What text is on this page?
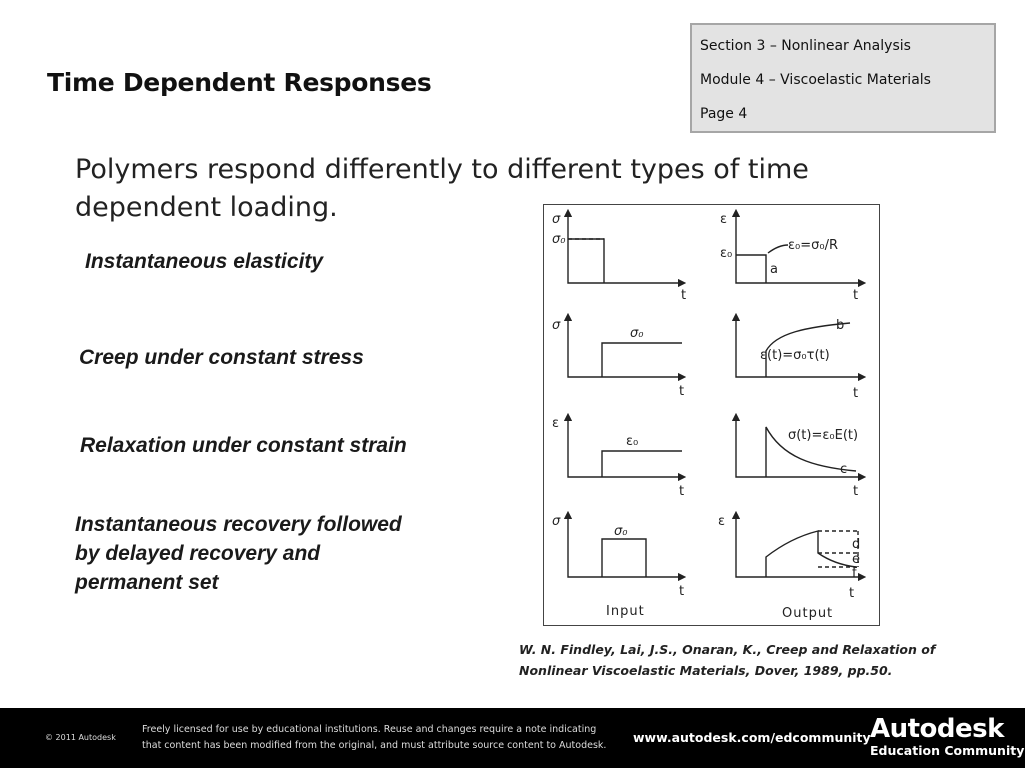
Time Dependent Responses
Section 3 – Nonlinear Analysis
Module 4 – Viscoelastic Materials
Page 4
Polymers respond differently to different types of time
dependent loading.
Instantaneous elasticity
Creep under constant stress
Relaxation under constant strain
Instantaneous recovery followed
by delayed recovery and
permanent set
σ
σ₀
t
ε
ε₀
ε₀=σ₀/R
a
t
σ
σ₀
t
b
ε(t)=σ₀τ(t)
t
ε
ε₀
t
σ(t)=ε₀E(t)
c
t
σ
σ₀
t
ε
d
e
f
t
Input	Output
W. N. Findley, Lai, J.S., Onaran, K., Creep and Relaxation of
Nonlinear Viscoelastic Materials, Dover, 1989, pp.50.
© 2011 Autodesk
Freely licensed for use by educational institutions. Reuse and changes require a note indicating
that content has been modified from the original, and must attribute source content to Autodesk.
www.autodesk.com/edcommunity Autodesk
Education Community
